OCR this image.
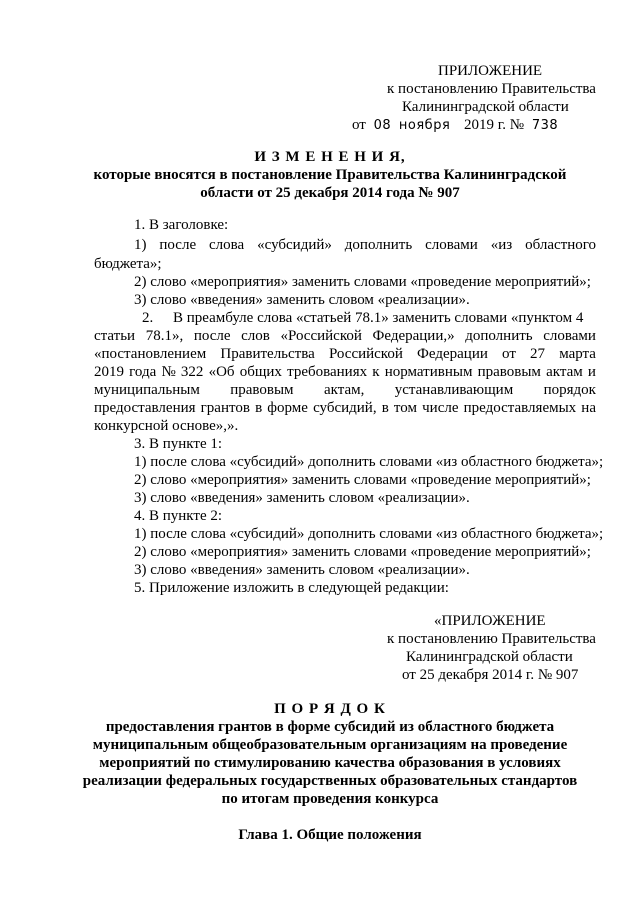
ПРИЛОЖЕНИЕ
к постановлению Правительства
Калининградской области
от 08 ноября 2019 г. № 738
И З М Е Н Е Н И Я,
которые вносятся в постановление Правительства Калининградской
области от 25 декабря 2014 года № 907
1. В заголовке:
1) после слова «субсидий» дополнить словами «из областного
бюджета»;
2) слово «мероприятия» заменить словами «проведение мероприятий»;
3) слово «введения» заменить словом «реализации».
2. В преамбуле слова «статьей 78.1» заменить словами «пунктом 4
статьи 78.1», после слов «Российской Федерации,» дополнить словами
«постановлением Правительства Российской Федерации от 27 марта
2019 года № 322 «Об общих требованиях к нормативным правовым актам и
муниципальным правовым актам, устанавливающим порядок
предоставления грантов в форме субсидий, в том числе предоставляемых на
конкурсной основе»,».
3. В пункте 1:
1) после слова «субсидий» дополнить словами «из областного бюджета»;
2) слово «мероприятия» заменить словами «проведение мероприятий»;
3) слово «введения» заменить словом «реализации».
4. В пункте 2:
1) после слова «субсидий» дополнить словами «из областного бюджета»;
2) слово «мероприятия» заменить словами «проведение мероприятий»;
3) слово «введения» заменить словом «реализации».
5. Приложение изложить в следующей редакции:
«ПРИЛОЖЕНИЕ
к постановлению Правительства
Калининградской области
от 25 декабря 2014 г. № 907
П О Р Я Д О К
предоставления грантов в форме субсидий из областного бюджета
муниципальным общеобразовательным организациям на проведение
мероприятий по стимулированию качества образования в условиях
реализации федеральных государственных образовательных стандартов
по итогам проведения конкурса
Глава 1. Общие положения
